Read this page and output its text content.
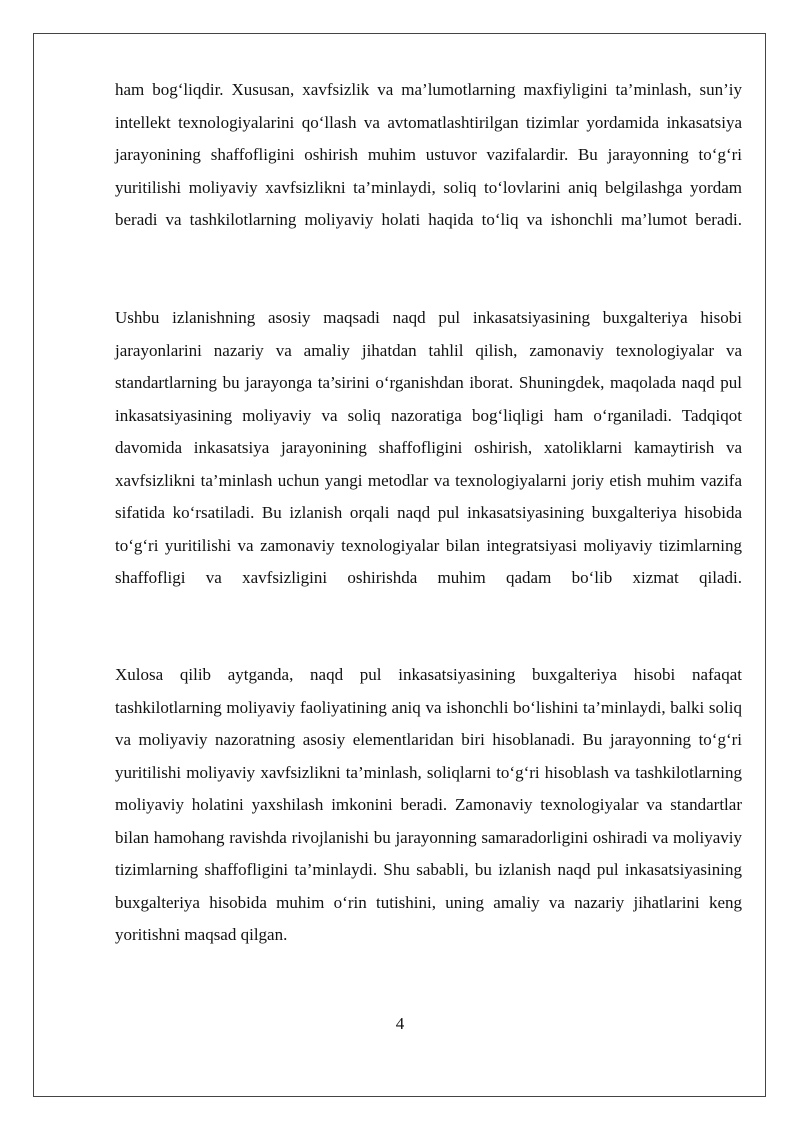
ham bog‘liqdir. Xususan, xavfsizlik va ma’lumotlarning maxfiyligini ta’minlash, sun’iy intellekt texnologiyalarini qo‘llash va avtomatlashtirilgan tizimlar yordamida inkasatsiya jarayonining shaffofligini oshirish muhim ustuvor vazifalardir. Bu jarayonning to‘g‘ri yuritilishi moliyaviy xavfsizlikni ta’minlaydi, soliq to‘lovlarini aniq belgilashga yordam beradi va tashkilotlarning moliyaviy holati haqida to‘liq va ishonchli ma’lumot beradi.

Ushbu izlanishning asosiy maqsadi naqd pul inkasatsiyasining buxgalteriya hisobi jarayonlarini nazariy va amaliy jihatdan tahlil qilish, zamonaviy texnologiyalar va standartlarning bu jarayonga ta’sirini o‘rganishdan iborat. Shuningdek, maqolada naqd pul inkasatsiyasining moliyaviy va soliq nazoratiga bog‘liqligi ham o‘rganiladi. Tadqiqot davomida inkasatsiya jarayonining shaffofligini oshirish, xatoliklarni kamaytirish va xavfsizlikni ta’minlash uchun yangi metodlar va texnologiyalarni joriy etish muhim vazifa sifatida ko‘rsatiladi. Bu izlanish orqali naqd pul inkasatsiyasining buxgalteriya hisobida to‘g‘ri yuritilishi va zamonaviy texnologiyalar bilan integratsiyasi moliyaviy tizimlarning shaffofligi va xavfsizligini oshirishda muhim qadam bo‘lib xizmat qiladi.

Xulosa qilib aytganda, naqd pul inkasatsiyasining buxgalteriya hisobi nafaqat tashkilotlarning moliyaviy faoliyatining aniq va ishonchli bo‘lishini ta’minlaydi, balki soliq va moliyaviy nazoratning asosiy elementlaridan biri hisoblanadi. Bu jarayonning to‘g‘ri yuritilishi moliyaviy xavfsizlikni ta’minlash, soliqlarni to‘g‘ri hisoblash va tashkilotlarning moliyaviy holatini yaxshilash imkonini beradi. Zamonaviy texnologiyalar va standartlar bilan hamohang ravishda rivojlanishi bu jarayonning samaradorligini oshiradi va moliyaviy tizimlarning shaffofligini ta’minlaydi. Shu sababli, bu izlanish naqd pul inkasatsiyasining buxgalteriya hisobida muhim o‘rin tutishini, uning amaliy va nazariy jihatlarini keng yoritishni maqsad qilgan.

4
